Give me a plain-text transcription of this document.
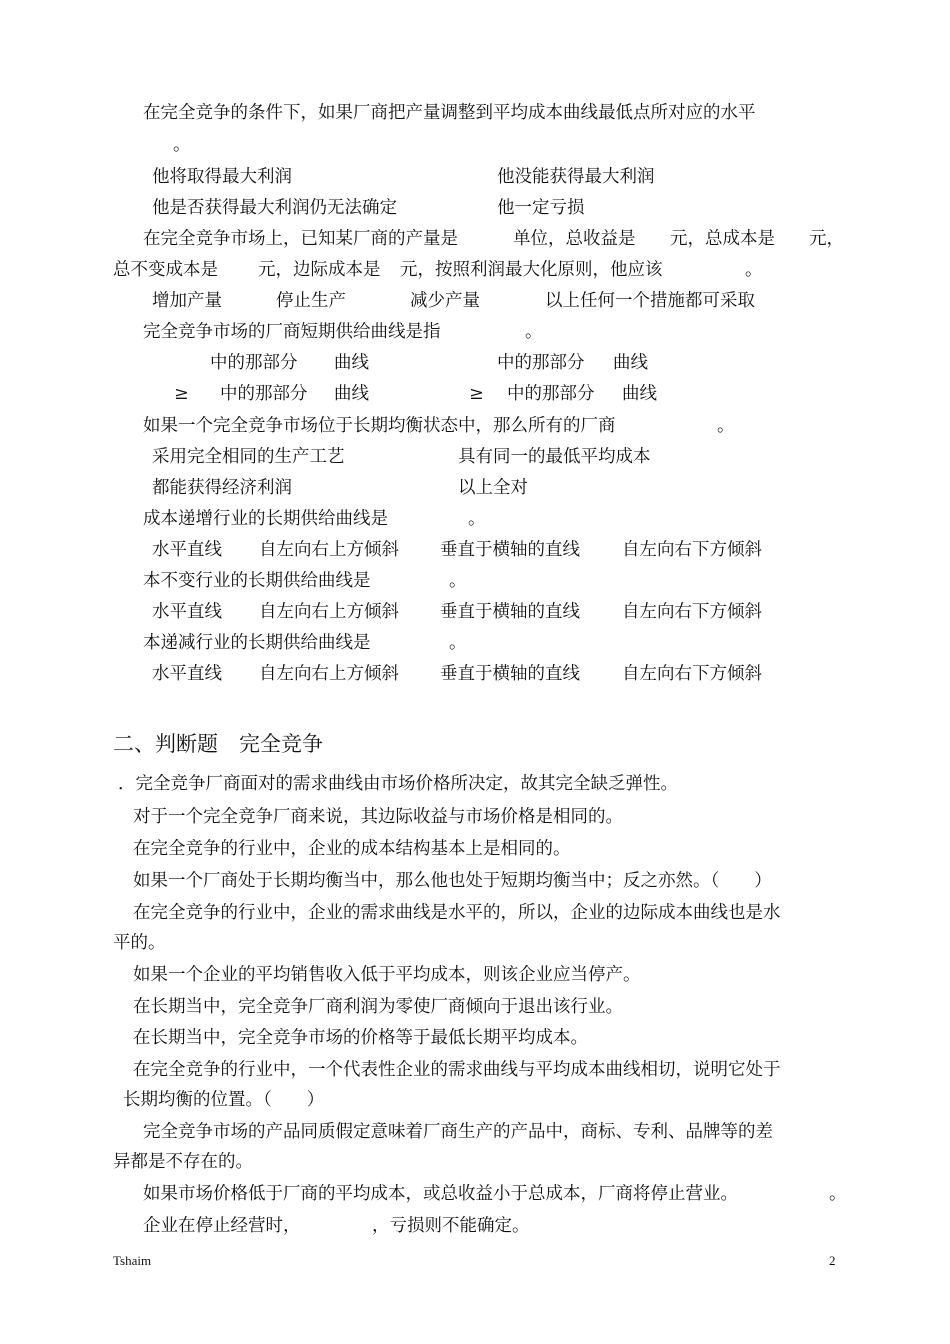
在完全竞争的条件下，如果厂商把产量调整到平均成本曲线最低点所对应的水平
。
他将取得最大利润	他没能获得最大利润
他是否获得最大利润仍无法确定	他一定亏损
在完全竞争市场上，已知某厂商的产量是	单位，总收益是 元，总成本是 元，
总不变成本是 元，边际成本是 元，按照利润最大化原则，他应该	。
增加产量	停止生产	减少产量	以上任何一个措施都可采取
完全竞争市场的厂商短期供给曲线是指	。
中的那部分 曲线	中的那部分 曲线
≥ 中的那部分 曲线	≥ 中的那部分 曲线
如果一个完全竞争市场位于长期均衡状态中，那么所有的厂商	。
采用完全相同的生产工艺	具有同一的最低平均成本
都能获得经济利润	以上全对
成本递增行业的长期供给曲线是	。
水平直线 自左向右上方倾斜 垂直于横轴的直线 自左向右下方倾斜
本不变行业的长期供给曲线是	。
水平直线 自左向右上方倾斜 垂直于横轴的直线 自左向右下方倾斜
本递减行业的长期供给曲线是	。
水平直线 自左向右上方倾斜 垂直于横轴的直线 自左向右下方倾斜
二、判断题　完全竞争
．完全竞争厂商面对的需求曲线由市场价格所决定，故其完全缺乏弹性。
对于一个完全竞争厂商来说，其边际收益与市场价格是相同的。
在完全竞争的行业中，企业的成本结构基本上是相同的。
如果一个厂商处于长期均衡当中，那么他也处于短期均衡当中；反之亦然。（　　）
在完全竞争的行业中，企业的需求曲线是水平的，所以，企业的边际成本曲线也是水
平的。
如果一个企业的平均销售收入低于平均成本，则该企业应当停产。
在长期当中，完全竞争厂商利润为零使厂商倾向于退出该行业。
在长期当中，完全竞争市场的价格等于最低长期平均成本。
在完全竞争的行业中，一个代表性企业的需求曲线与平均成本曲线相切，说明它处于
长期均衡的位置。（　　）
完全竞争市场的产品同质假定意味着厂商生产的产品中，商标、专利、品牌等的差
异都是不存在的。
如果市场价格低于厂商的平均成本，或总收益小于总成本，厂商将停止营业。	。
企业在停止经营时，	，亏损则不能确定。
Tshaim	2
